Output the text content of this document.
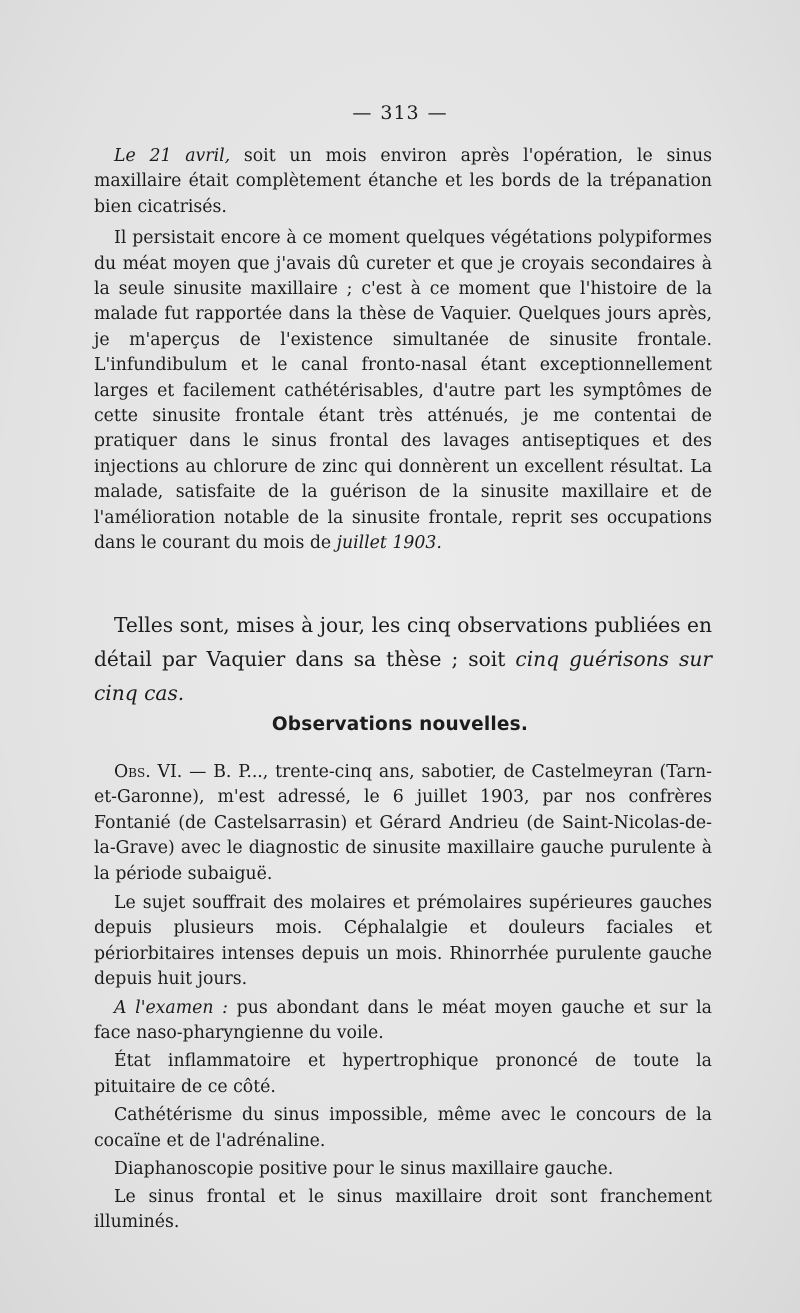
— 313 —

Le 21 avril, soit un mois environ après l'opération, le sinus maxillaire était complètement étanche et les bords de la trépanation bien cicatrisés.

Il persistait encore à ce moment quelques végétations polypiformes du méat moyen que j'avais dû cureter et que je croyais secondaires à la seule sinusite maxillaire ; c'est à ce moment que l'histoire de la malade fut rapportée dans la thèse de Vaquier. Quelques jours après, je m'aperçus de l'existence simultanée de sinusite frontale. L'infundibulum et le canal fronto-nasal étant exceptionnellement larges et facilement cathétérisables, d'autre part les symptômes de cette sinusite frontale étant très atténués, je me contentai de pratiquer dans le sinus frontal des lavages antiseptiques et des injections au chlorure de zinc qui donnèrent un excellent résultat. La malade, satisfaite de la guérison de la sinusite maxillaire et de l'amélioration notable de la sinusite frontale, reprit ses occupations dans le courant du mois de juillet 1903.

Telles sont, mises à jour, les cinq observations publiées en détail par Vaquier dans sa thèse ; soit cinq guérisons sur cinq cas.

Observations nouvelles.

Obs. VI. — B. P..., trente-cinq ans, sabotier, de Castelmeyran (Tarn-et-Garonne), m'est adressé, le 6 juillet 1903, par nos confrères Fontanié (de Castelsarrasin) et Gérard Andrieu (de Saint-Nicolas-de-la-Grave) avec le diagnostic de sinusite maxillaire gauche purulente à la période subaiguë.

Le sujet souffrait des molaires et prémolaires supérieures gauches depuis plusieurs mois. Céphalalgie et douleurs faciales et périorbitaires intenses depuis un mois. Rhinorrhée purulente gauche depuis huit jours.

A l'examen : pus abondant dans le méat moyen gauche et sur la face naso-pharyngienne du voile.

État inflammatoire et hypertrophique prononcé de toute la pituitaire de ce côté.

Cathétérisme du sinus impossible, même avec le concours de la cocaïne et de l'adrénaline.

Diaphanoscopie positive pour le sinus maxillaire gauche.

Le sinus frontal et le sinus maxillaire droit sont franchement illuminés.
